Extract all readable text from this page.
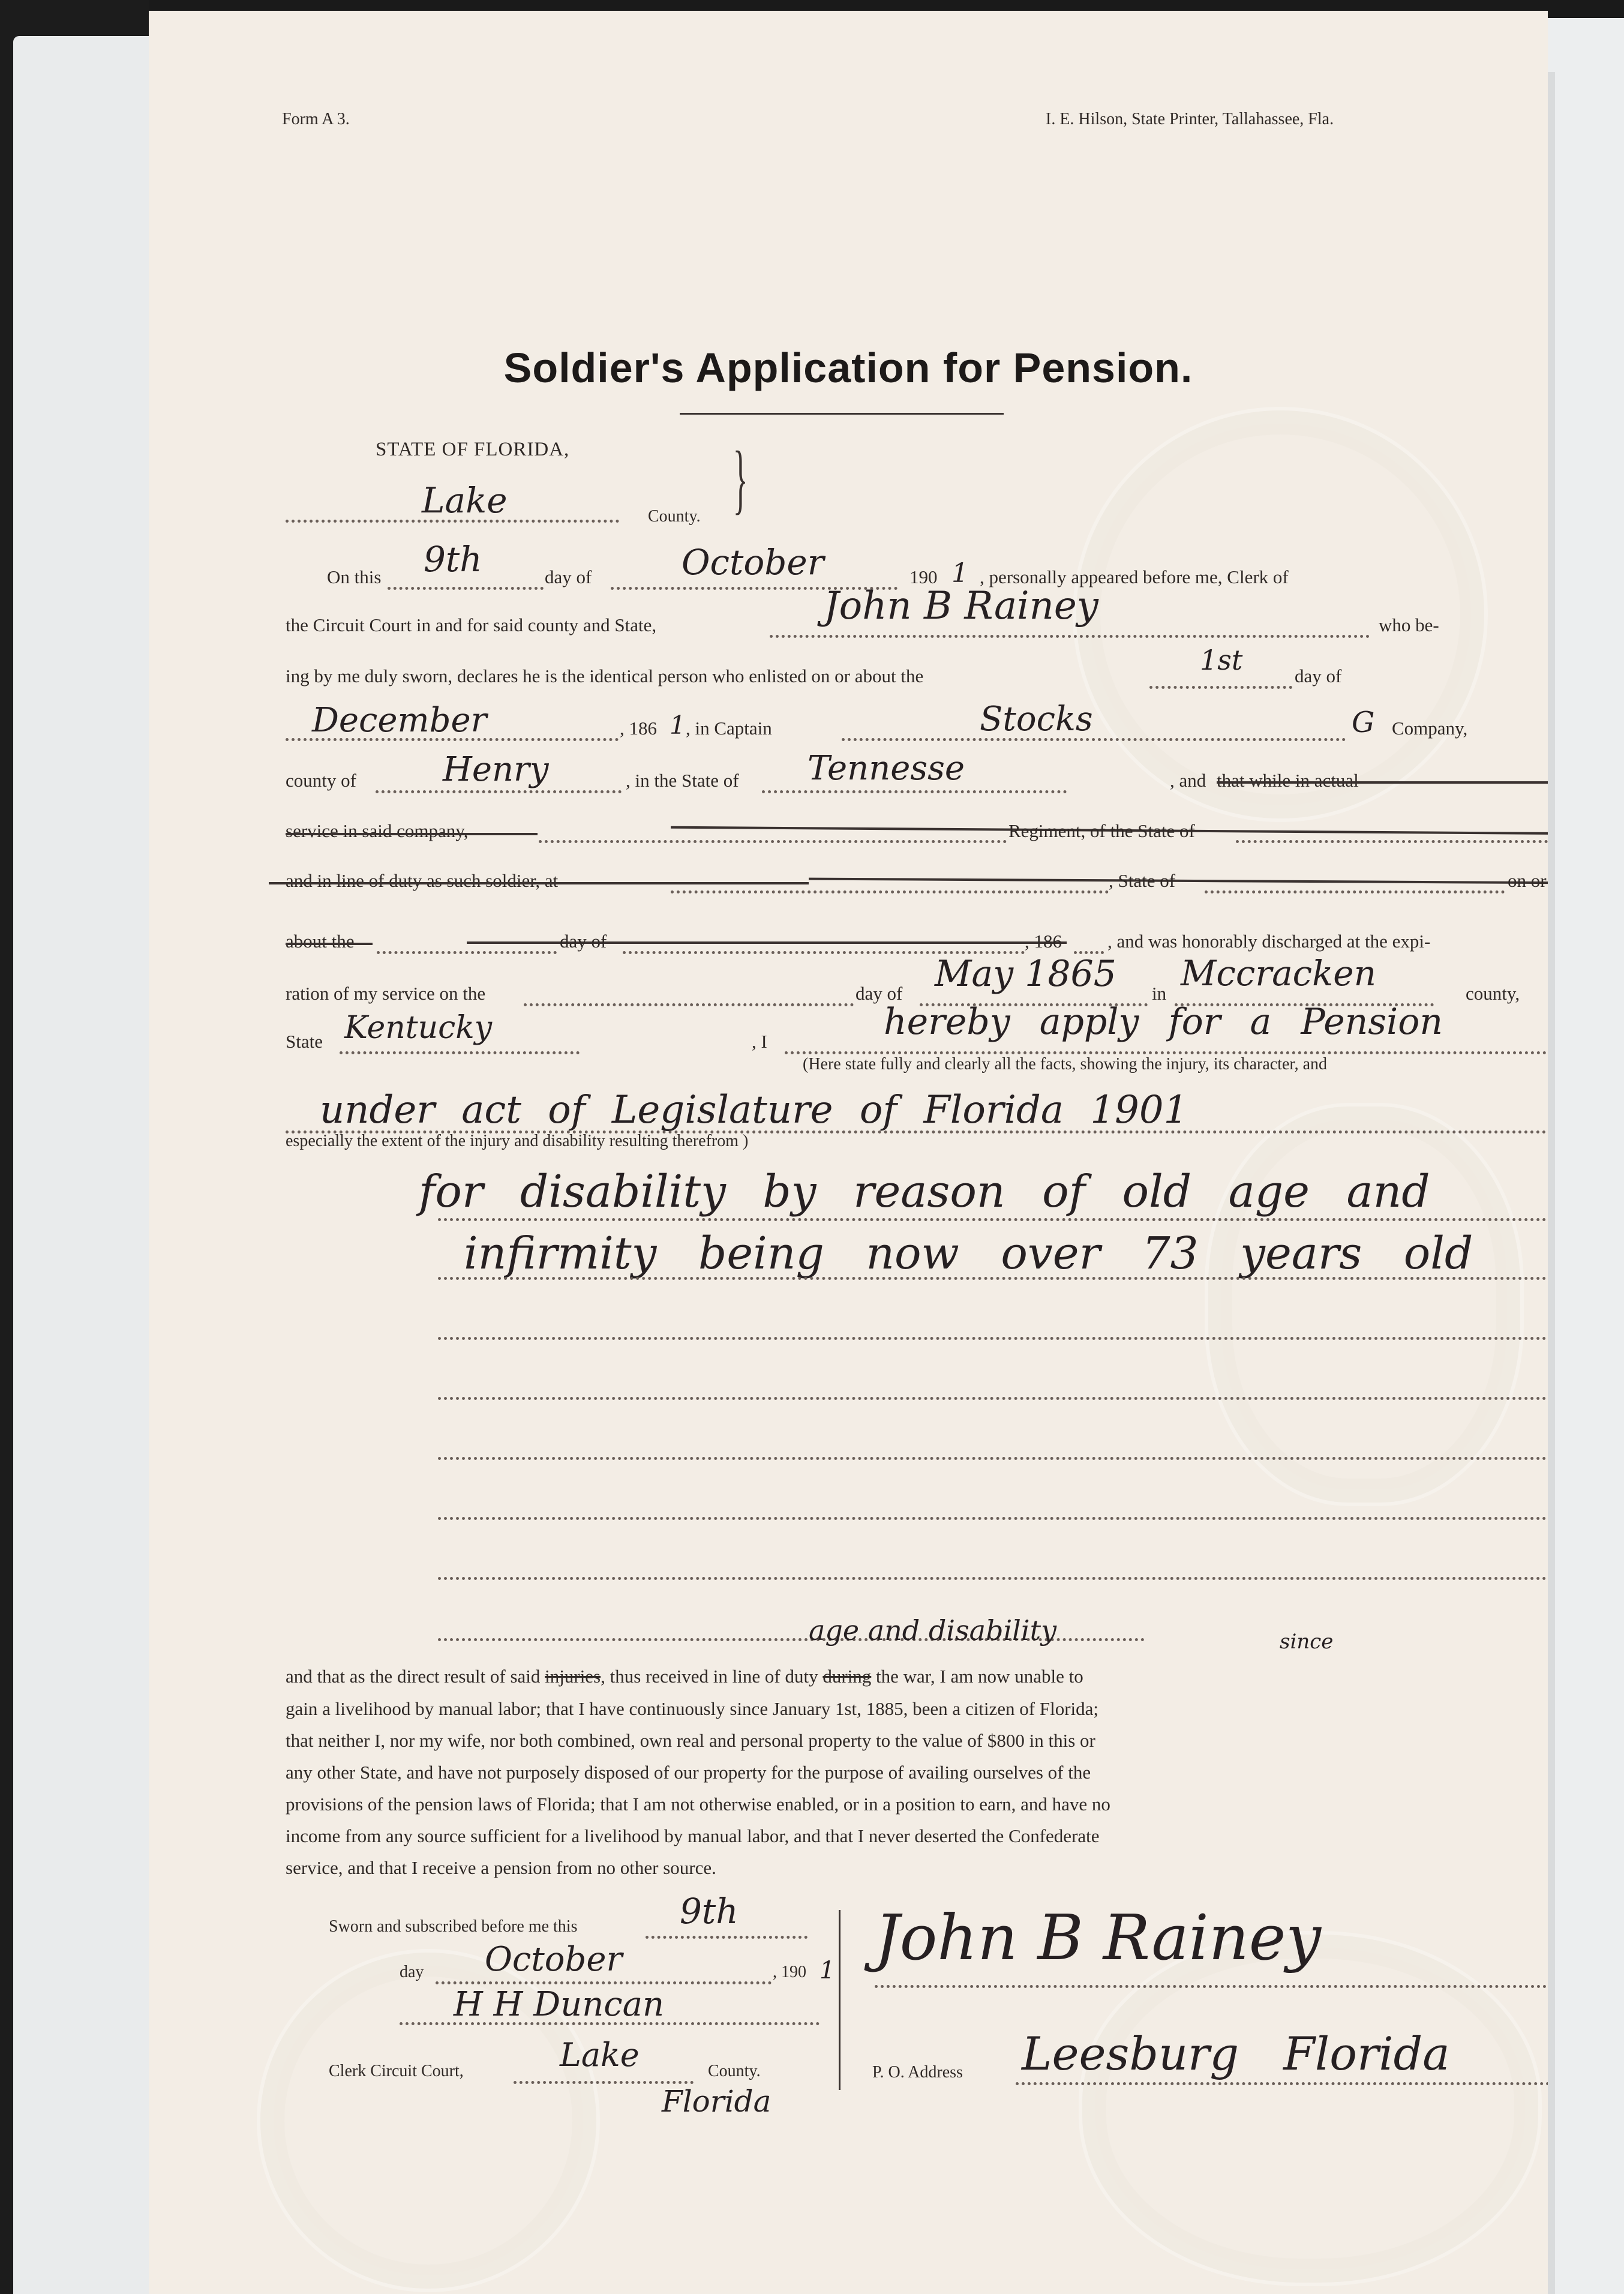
Form A 3.	I. E. Hilson, State Printer, Tallahassee, Fla.
Soldier's Application for Pension.
STATE OF FLORIDA,
Lake	County. }
On this 9th	day of	October	190 1 , personally appeared before me, Clerk of
the Circuit Court in and for said county and State,	John B Rainey	who be-
ing by me duly sworn, declares he is the identical person who enlisted on or about the	1st	day of
December	, 186 1 , in Captain	Stocks	G Company,
county of	Henry	, in the State of Tennesse	, and that while in actual
service in said company,	Regiment, of the State of
and in line of duty as such soldier, at	, State of	on or
about the	day of	, 186 , and was honorably discharged at the expi-
ration of my service on the	day of May 1865 in Mccracken	county,
State Kentucky	, I	hereby apply for a Pension
(Here state fully and clearly all the facts, showing the injury, its character, and
under act of Legislature of Florida 1901
especially the extent of the injury and disability resulting therefrom )
for disability by reason of old age and
infirmity being now over 73 years old
age and disability	since
and that as the direct result of said injuries, thus received in line of duty during the war, I am now unable to
gain a livelihood by manual labor; that I have continuously since January 1st, 1885, been a citizen of Florida;
that neither I, nor my wife, nor both combined, own real and personal property to the value of $800 in this or
any other State, and have not purposely disposed of our property for the purpose of availing ourselves of the
provisions of the pension laws of Florida; that I am not otherwise enabled, or in a position to earn, and have no
income from any source sufficient for a livelihood by manual labor, and that I never deserted the Confederate
service, and that I receive a pension from no other source.
Sworn and subscribed before me this	9th
day October	, 190 1
H H Duncan
Clerk Circuit Court,	Lake	County.
Florida
John B Rainey
P. O. Address Leesburg Florida
